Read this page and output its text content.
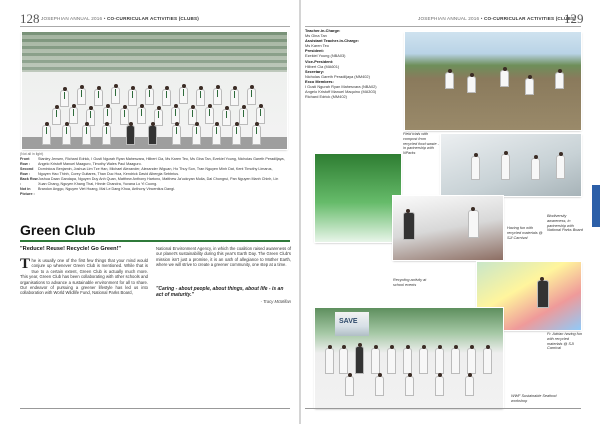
128 JOSEPHIAN ANNUAL 2016 • CO-CURRICULAR ACTIVITIES (CLUBS)
(Not all in light)
Front Row :Stanley Jensen, Richard Edrick, I Gusti Ngurah Ryan Mahesvara, Hilbert Cia, Ms Karen Teo, Ms Gina Tan, Ezekiel Young, Nicholas Gareth Peradiljaya, Angelo Kristoff Manuel Maaguro, Timothy Wales Paul Maaguro.
Second Row :Dominicus Benjamin, Joshua Lim Tze Han, Michael Alexander, Alexander Wiguan, Ho Thuy Son, Tran Nguyen Minh Dat, Kent Timothy Limarus, Nguyen Hao Thinh, Corey Guitares, Than Duc Hoa, Kendrick David Albergia Sebbrius.
Back Row :Joshua Daan Gandapa, Nguyen Duy Anh Quan, Matthew Anthony Hartono, Matthew Ja'uckryan Mulia, Dai Chongrui, Pan Nguyen Manh Chinh, Lin Xuan Chang, Nguyen Khang Thai, Hinnie Chandra, Yuvana Lo Yi Cuong.
Not in Picture :Brandon Anggo, Nguyen Viet Hoang, Mai Le Dang Khoa, Anthony Vincentius Dangi.
Green Club
"Reduce! Reuse! Recycle! Go Green!"
The is usually one of the first few things that your mind would conjure up whenever Green Club is mentioned. While that is true to a certain extent, Green Club is actually much more. This year, Green Club has been collaborating with other schools and organisations to advance a sustainable environment for all to share. Our endeavor of pursuing a greener lifestyle has led us into collaboration with World Wildlife Fund, National Parks Board,
National Environment Agency, in which the coalition raised awareness of our planet's sustainability during this year's Earth Day. The Green Club's mission isn't just a promise, it is an oath of allegiance to Mother Earth, where we will strive to create a greener community, one step at a time.
"Caring - about people, about things, about life - is an act of maturity."
- Tracy McMillan
JOSEPHIAN ANNUAL 2016 • CO-CURRICULAR ACTIVITIES (CLUBS)
129
Teacher-in-Charge:
Ms Gina Tan
Assistant Teacher-in-Charge:
Ms Karen Teo
President:
Ezekiel Young (NBA03)
Vice-President:
Hilbert Cia (MA601)
Secretary:
Nicholas Gareth Peradiljaya (MM402)
Exco Members:
I Gusti Ngurah Ryan Mahesvara (NBA02)
Angelo Kristoff Manuel Maquino (MA303)
Richard Edrick (MM402)
Field trials with compost from recycled food waste - in partnership with NParks
Having fun with recycled materials @ SJI Carnival
Biodiversity awareness, in partnership with National Parks Board
Recycling activity at school events
Fr. Adrian having fun with recycled materials @ SJI Carnival
SAVE
WWF Sustainable Seafood workshop
